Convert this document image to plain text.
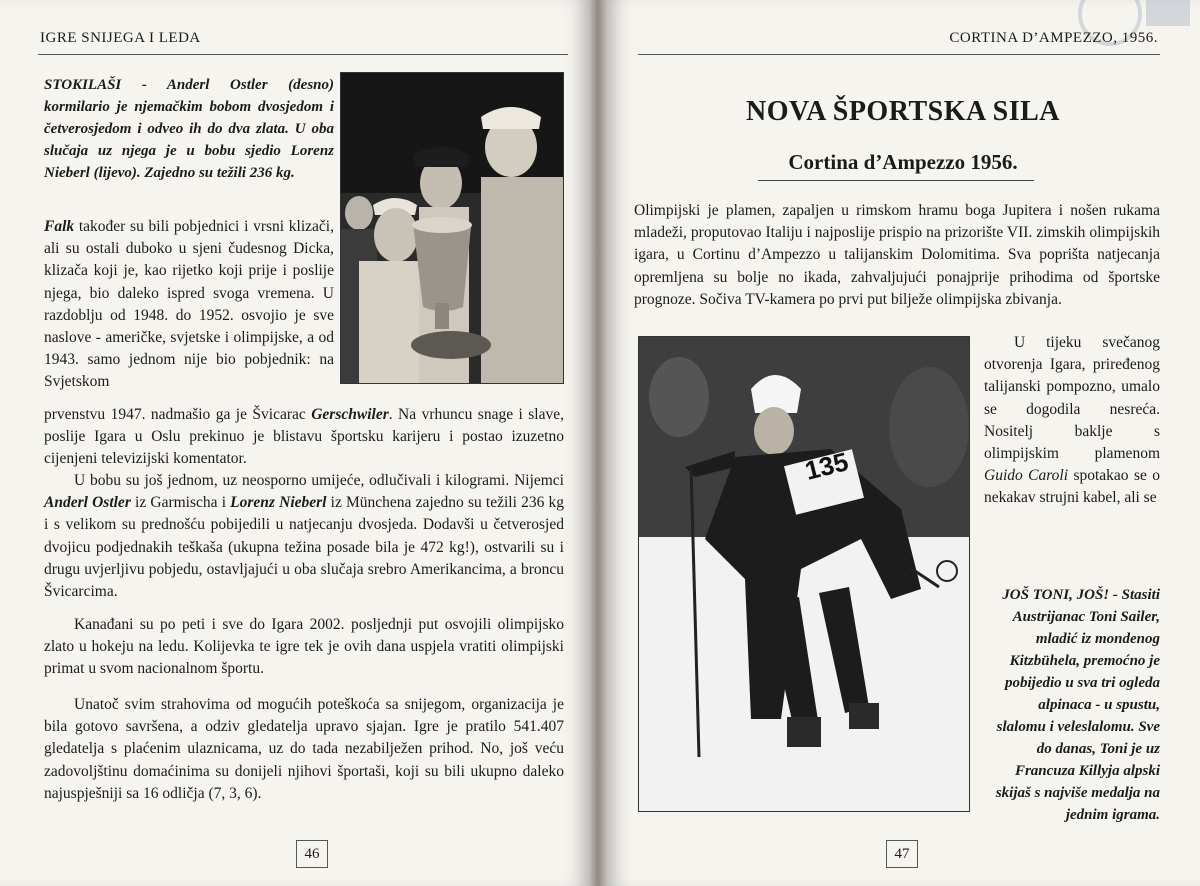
IGRE SNIJEGA I LEDA
STOKILAŠI - Anderl Ostler (desno) kormilario je njemačkim bobom dvosjedom i četverosjedom i odveo ih do dva zlata. U oba slučaja uz njega je u bobu sjedio Lorenz Nieberl (lijevo). Zajedno su težili 236 kg.
Falk također su bili pobjednici i vrsni klizači, ali su ostali duboko u sjeni čudesnog Dicka, klizača koji je, kao rijetko koji prije i poslije njega, bio daleko ispred svoga vremena. U razdoblju od 1948. do 1952. osvojio je sve naslove - američke, svjetske i olimpijske, a od 1943. samo jednom nije bio pobjednik: na Svjetskom
prvenstvu 1947. nadmašio ga je Švicarac Gerschwiler. Na vrhuncu snage i slave, poslije Igara u Oslu prekinuo je blistavu športsku karijeru i postao izuzetno cijenjeni televizijski komentator.

U bobu su još jednom, uz neosporno umijeće, odlučivali i kilogrami. Nijemci Anderl Ostler iz Garmischa i Lorenz Nieberl iz Münchena zajedno su težili 236 kg i s velikom su prednošću pobijedili u natjecanju dvosjeda. Dodavši u četverosjed dvojicu podjednakih teškaša (ukupna težina posade bila je 472 kg!), ostvarili su i drugu uvjerljivu pobjedu, ostavljajući u oba slučaja srebro Amerikancima, a broncu Švicarcima.

Kanađani su po peti i sve do Igara 2002. posljednji put osvojili olimpijsko zlato u hokeju na ledu. Kolijevka te igre tek je ovih dana uspjela vratiti olimpijski primat u svom nacionalnom športu.

Unatoč svim strahovima od mogućih poteškoća sa snijegom, organizacija je bila gotovo savršena, a odziv gledatelja upravo sjajan. Igre je pratilo 541.407 gledatelja s plaćenim ulaznicama, uz do tada nezabilježen prihod. No, još veću zadovoljštinu domaćinima su donijeli njihovi športaši, koji su bili ukupno daleko najuspješniji sa 16 odličja (7, 3, 6).

46
CORTINA D’AMPEZZO, 1956.
NOVA ŠPORTSKA SILA
Cortina d’Ampezzo 1956.

Olimpijski je plamen, zapaljen u rimskom hramu boga Jupitera i nošen rukama mladeži, proputovao Italiju i najposlije prispio na prizorište VII. zimskih olimpijskih igara, u Cortinu d’Ampezzo u talijanskim Dolomitima. Sva poprišta natjecanja opremljena su bolje no ikada, zahvaljujući ponajprije prihodima od športske prognoze. Sočiva TV-kamera po prvi put bilježe olimpijska zbivanja.

135

U tijeku svečanog otvorenja Igara, priređenog talijanski pompozno, umalo se dogodila nesreća. Nositelj baklje s olimpijskim plamenom Guido Caroli spotakao se o nekakav strujni kabel, ali se

JOŠ TONI, JOŠ! - Stasiti Austrijanac Toni Sailer, mladić iz mondenog Kitzbühela, premoćno je pobijedio u sva tri ogleda alpinaca - u spustu, slalomu i veleslalomu. Sve do danas, Toni je uz Francuza Killyja alpski skijaš s najviše medalja na jednim igrama.
47
